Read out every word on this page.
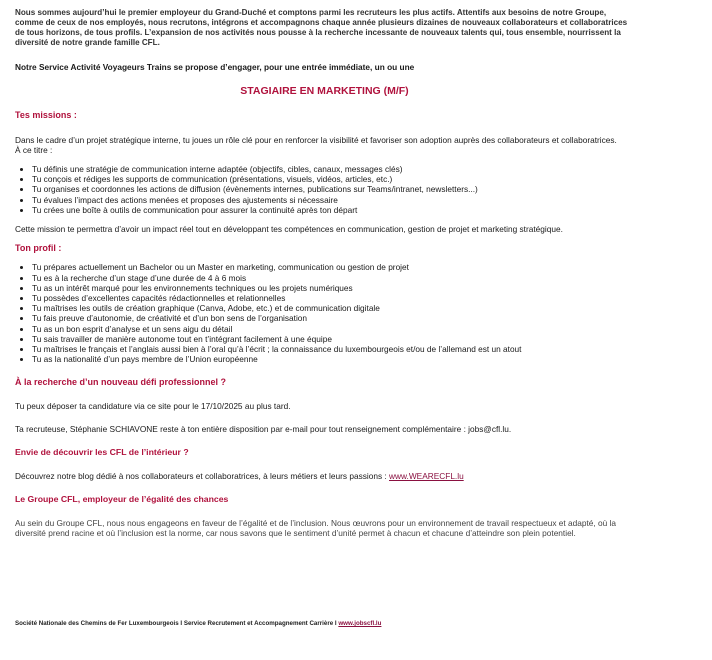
Nous sommes aujourd’hui le premier employeur du Grand-Duché et comptons parmi les recruteurs les plus actifs. Attentifs aux besoins de notre Groupe, comme de ceux de nos employés, nous recrutons, intégrons et accompagnons chaque année plusieurs dizaines de nouveaux collaborateurs et collaboratrices de tous horizons, de tous profils. L’expansion de nos activités nous pousse à la recherche incessante de nouveaux talents qui, tous ensemble, nourrissent la diversité de notre grande famille CFL.

Notre Service Activité Voyageurs Trains se propose d’engager, pour une entrée immédiate, un ou une

STAGIAIRE EN MARKETING (M/F)

Tes missions :

Dans le cadre d’un projet stratégique interne, tu joues un rôle clé pour en renforcer la visibilité et favoriser son adoption auprès des collaborateurs et collaboratrices.

À ce titre :

• Tu définis une stratégie de communication interne adaptée (objectifs, cibles, canaux, messages clés)
• Tu conçois et rédiges les supports de communication (présentations, visuels, vidéos, articles, etc.)
• Tu organises et coordonnes les actions de diffusion (évènements internes, publications sur Teams/intranet, newsletters...)
• Tu évalues l’impact des actions menées et proposes des ajustements si nécessaire
• Tu crées une boîte à outils de communication pour assurer la continuité après ton départ

Cette mission te permettra d’avoir un impact réel tout en développant tes compétences en communication, gestion de projet et marketing stratégique.

Ton profil :

• Tu prépares actuellement un Bachelor ou un Master en marketing, communication ou gestion de projet
• Tu es à la recherche d’un stage d’une durée de 4 à 6 mois
• Tu as un intérêt marqué pour les environnements techniques ou les projets numériques
• Tu possèdes d’excellentes capacités rédactionnelles et relationnelles
• Tu maîtrises les outils de création graphique (Canva, Adobe, etc.) et de communication digitale
• Tu fais preuve d’autonomie, de créativité et d’un bon sens de l’organisation
• Tu as un bon esprit d’analyse et un sens aigu du détail
• Tu sais travailler de manière autonome tout en t’intégrant facilement à une équipe
• Tu maîtrises le français et l’anglais aussi bien à l’oral qu’à l’écrit ; la connaissance du luxembourgeois et/ou de l’allemand est un atout
• Tu as la nationalité d’un pays membre de l’Union européenne

À la recherche d’un nouveau défi professionnel ?

Tu peux déposer ta candidature via ce site pour le 17/10/2025 au plus tard.

Ta recruteuse, Stéphanie SCHIAVONE reste à ton entière disposition par e-mail pour tout renseignement complémentaire : jobs@cfl.lu.

Envie de découvrir les CFL de l’intérieur ?

Découvrez notre blog dédié à nos collaborateurs et collaboratrices, à leurs métiers et leurs passions : www.WEARECFL.lu

Le Groupe CFL, employeur de l’égalité des chances

Au sein du Groupe CFL, nous nous engageons en faveur de l’égalité et de l’inclusion. Nous œuvrons pour un environnement de travail respectueux et adapté, où la diversité prend racine et où l’inclusion est la norme, car nous savons que le sentiment d’unité permet à chacun et chacune d’atteindre son plein potentiel.

Société Nationale des Chemins de Fer Luxembourgeois I Service Recrutement et Accompagnement Carrière I www.jobscfl.lu
